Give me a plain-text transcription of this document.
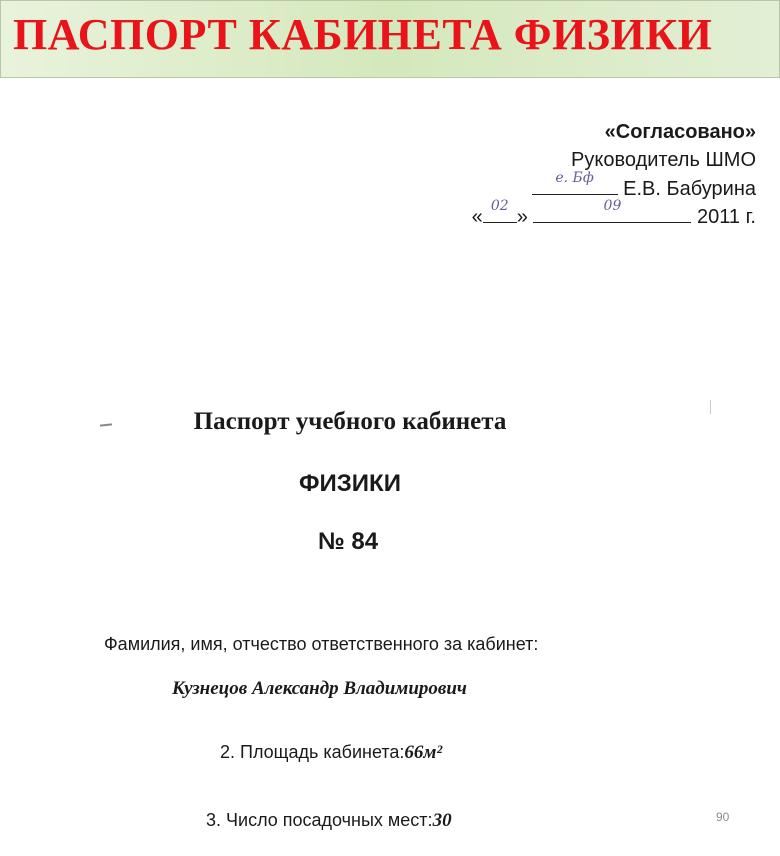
ПАСПОРТ КАБИНЕТА ФИЗИКИ
«Согласовано»
Руководитель ШМО
е. Бф Е.В. Бабурина
« 02 »	09	2011 г.
Паспорт учебного кабинета
ФИЗИКИ
№ 84
Фамилия, имя, отчество ответственного за кабинет:
Кузнецов Александр Владимирович
2. Площадь кабинета:66м²
3. Число посадочных мест:30	90
